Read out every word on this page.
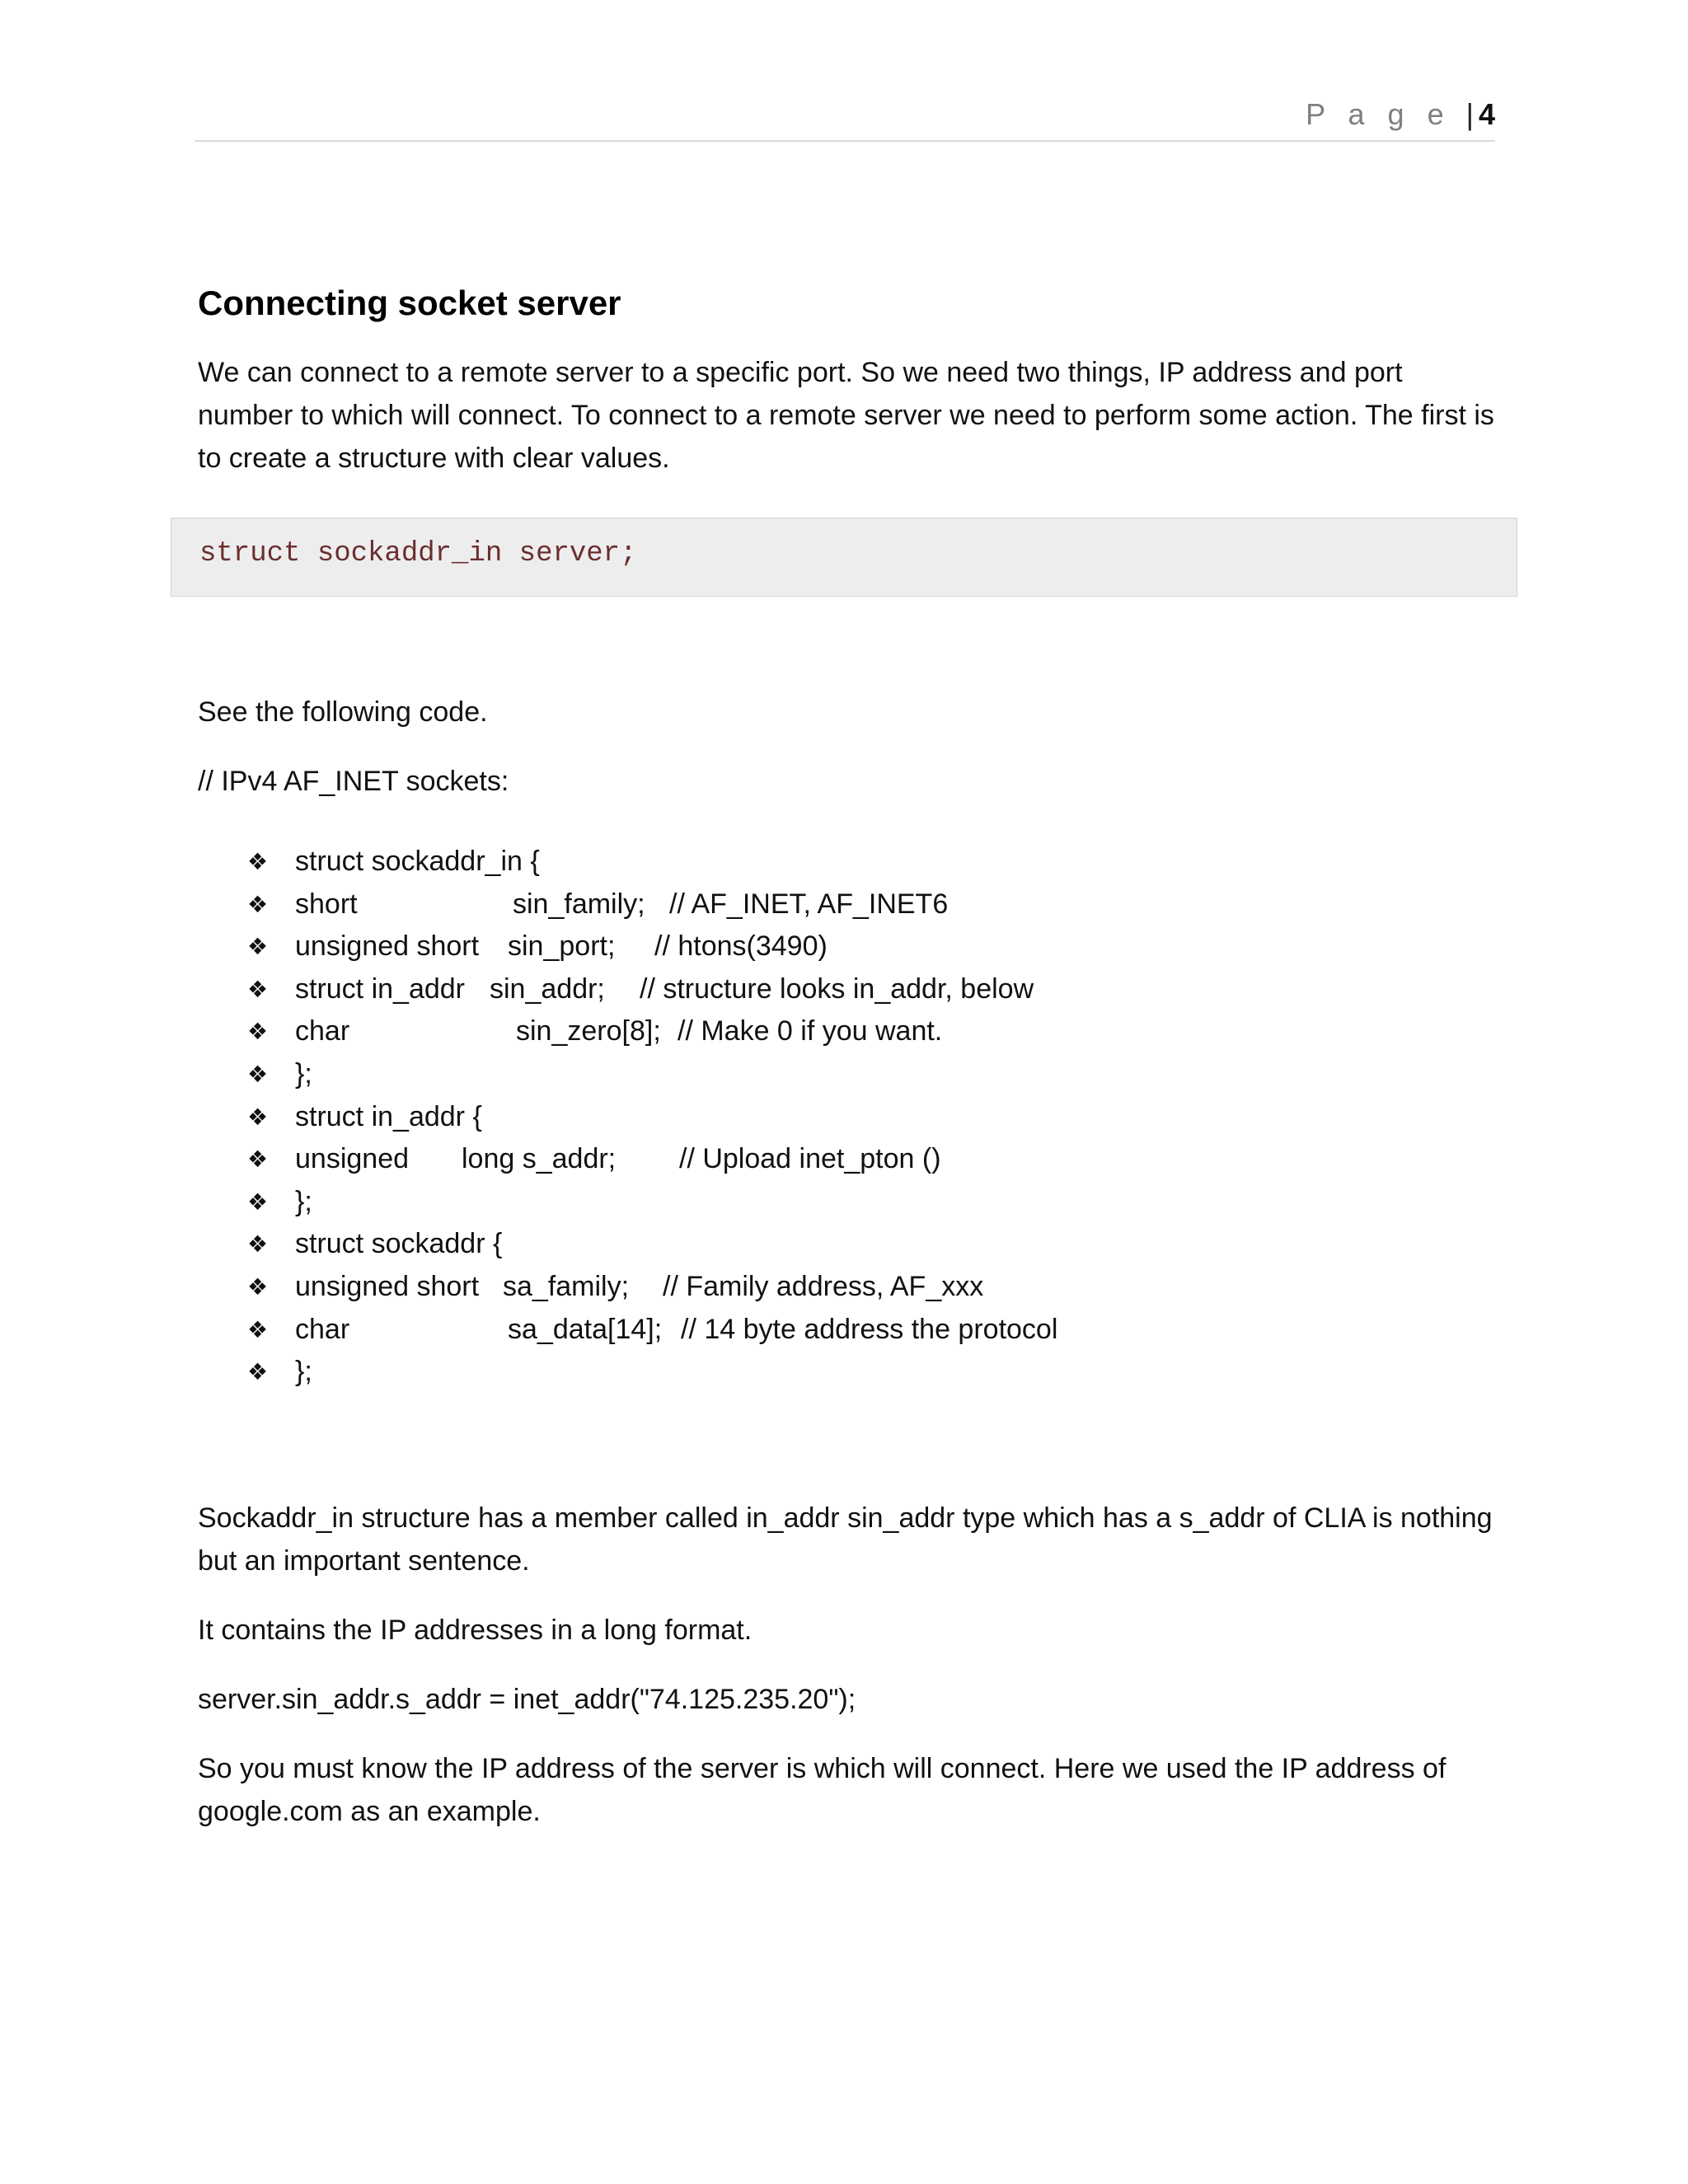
P a g e | 4
Connecting socket server

We can connect to a remote server to a specific port. So we need two things, IP address and port number to which will connect. To connect to a remote server we need to perform some action. The first is to create a structure with clear values.

struct sockaddr_in server;

See the following code.

// IPv4 AF_INET sockets:

❖ struct sockaddr_in {
❖ short	sin_family; // AF_INET, AF_INET6
❖ unsigned short sin_port; // htons(3490)
❖ struct in_addr sin_addr; // structure looks in_addr, below
❖ char	sin_zero[8]; // Make 0 if you want.
❖ };
❖ struct in_addr {
❖ unsigned long s_addr; // Upload inet_pton ()
❖ };
❖ struct sockaddr {
❖ unsigned short sa_family; // Family address, AF_xxx
❖ char	sa_data[14]; // 14 byte address the protocol
❖ };

Sockaddr_in structure has a member called in_addr sin_addr type which has a s_addr of CLIA is nothing but an important sentence.

It contains the IP addresses in a long format.

server.sin_addr.s_addr = inet_addr("74.125.235.20");

So you must know the IP address of the server is which will connect. Here we used the IP address of google.com as an example.
